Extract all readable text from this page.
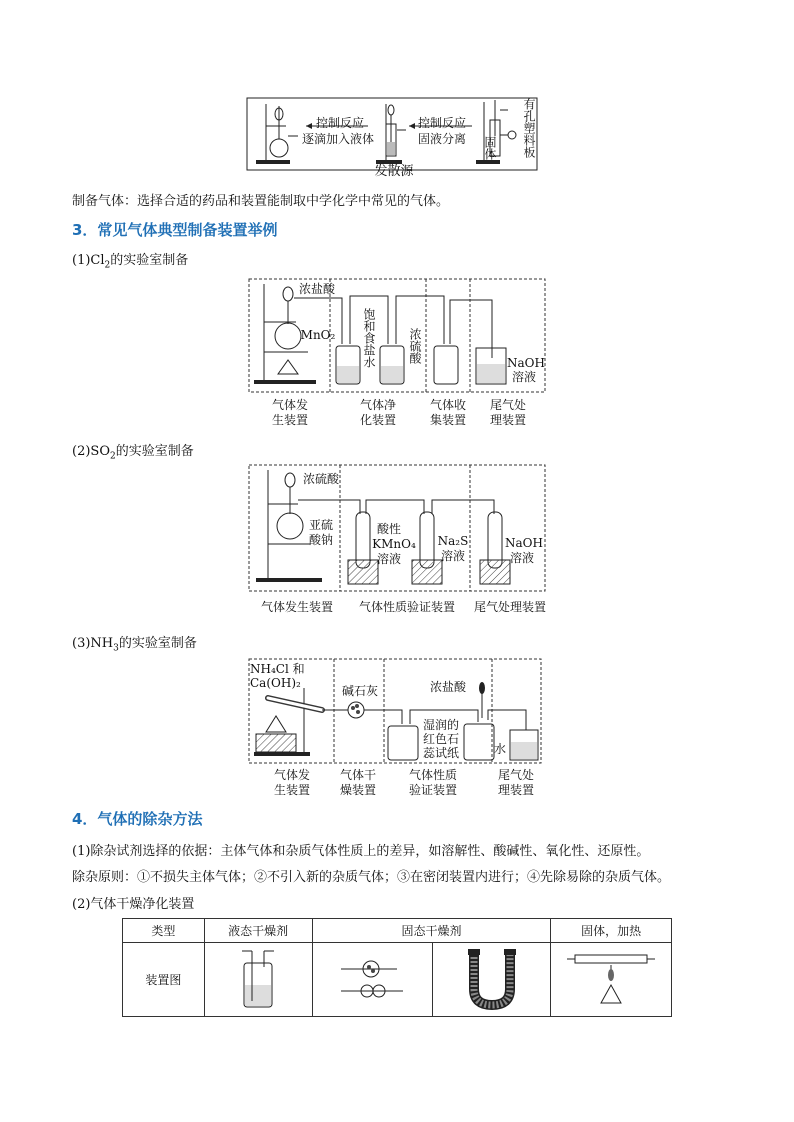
控制反应
逐滴加入液体
控制反应
固液分离	固体 有孔塑料板
发散源
制备气体：选择合适的药品和装置能制取中学化学中常见的气体。
3．常见气体典型制备装置举例
$(1)Cl_2$的实验室制备
浓盐酸
MnO₂ 饱和食盐水	浓硫酸	NaOH
溶液
气体发
生装置
气体净
化装置
气体收
集装置
尾气处
理装置
$(2)SO_2$的实验室制备
浓硫酸
亚硫
酸钠
酸性
KMnO₄
溶液
Na₂S
溶液
NaOH
溶液
气体发生装置	气体性质验证装置	尾气处理装置
$(3)NH_3$的实验室制备
NH₄Cl 和
Ca(OH)₂
碱石灰	浓盐酸
湿润的
红色石
蕊试纸	水
气体发
生装置
气体干
燥装置
气体性质
验证装置
尾气处
理装置
4．气体的除杂方法
(1)除杂试剂选择的依据：主体气体和杂质气体性质上的差异，如溶解性、酸碱性、氧化性、还原性。
除杂原则：①不损失主体气体；②不引入新的杂质气体；③在密闭装置内进行；④先除易除的杂质气体。
(2)气体干燥净化装置
类型	液态干燥剂	固态干燥剂		固体，加热
装置图				
